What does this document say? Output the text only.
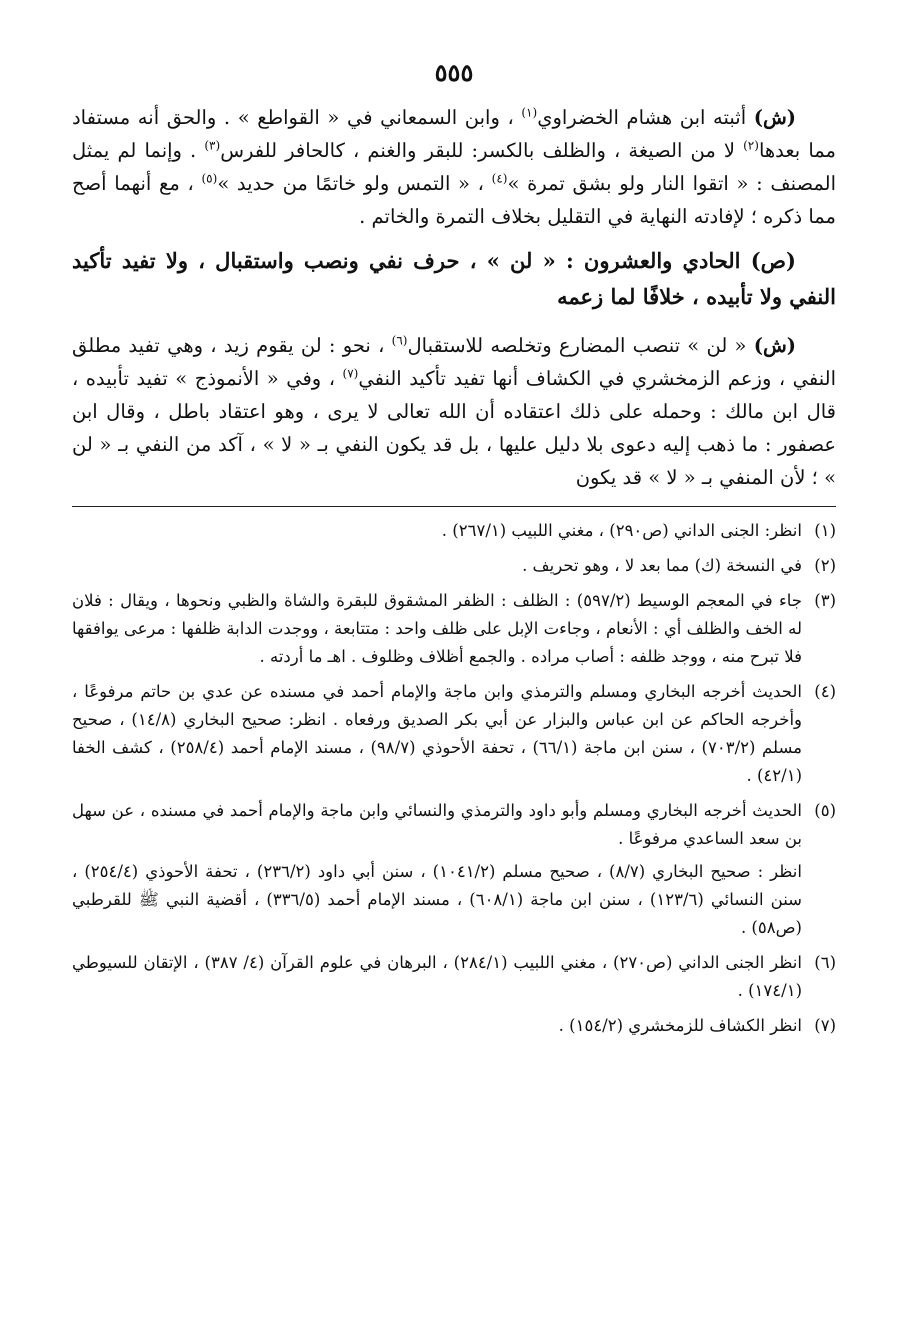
٥٥٥

(ش) أثبته ابن هشام الخضراوي$^{(١)}$ ، وابن السمعاني في « القواطع » . والحق أنه مستفاد مما بعدها$^{(٢)}$ لا من الصيغة ، والظلف بالكسر: للبقر والغنم ، كالحافر للفرس$^{(٣)}$ . وإنما لم يمثل المصنف : « اتقوا النار ولو بشق تمرة »$^{(٤)}$ ، « التمس ولو خاتمًا من حديد »$^{(٥)}$ ، مع أنهما أصح مما ذكره ؛ لإفادته النهاية في التقليل بخلاف التمرة والخاتم .

(ص) الحادي والعشرون : « لن » ، حرف نفي ونصب واستقبال ، ولا تفيد تأكيد النفي ولا تأبيده ، خلافًا لما زعمه

(ش) « لن » تنصب المضارع وتخلصه للاستقبال$^{(٦)}$ ، نحو : لن يقوم زيد ، وهي تفيد مطلق النفي ، وزعم الزمخشري في الكشاف أنها تفيد تأكيد النفي$^{(٧)}$ ، وفي « الأنموذج » تفيد تأبيده ، قال ابن مالك : وحمله على ذلك اعتقاده أن الله تعالى لا يرى ، وهو اعتقاد باطل ، وقال ابن عصفور : ما ذهب إليه دعوى بلا دليل عليها ، بل قد يكون النفي بـ « لا » ، آكد من النفي بـ « لن » ؛ لأن المنفي بـ « لا » قد يكون

(١)
انظر: الجنى الداني (ص٢٩٠) ، مغني اللبيب (٢٦٧/١) .
(٢)
في النسخة (ك) مما بعد لا ، وهو تحريف .
(٣)
جاء في المعجم الوسيط (٥٩٧/٢) : الظلف : الظفر المشقوق للبقرة والشاة والظبي ونحوها ، ويقال : فلان له الخف والظلف أي : الأنعام ، وجاءت الإبل على ظلف واحد : متتابعة ، ووجدت الدابة ظلفها : مرعى يوافقها فلا تبرح منه ، ووجد ظلفه : أصاب مراده . والجمع أظلاف وظلوف . اهـ ما أردته .
(٤)
الحديث أخرجه البخاري ومسلم والترمذي وابن ماجة والإمام أحمد في مسنده عن عدي بن حاتم مرفوعًا ، وأخرجه الحاكم عن ابن عباس والبزار عن أبي بكر الصديق ورفعاه . انظر: صحيح البخاري (١٤/٨) ، صحيح مسلم (٧٠٣/٢) ، سنن ابن ماجة (٦٦/١) ، تحفة الأحوذي (٩٨/٧) ، مسند الإمام أحمد (٢٥٨/٤) ، كشف الخفا (٤٢/١) .
(٥)
الحديث أخرجه البخاري ومسلم وأبو داود والترمذي والنسائي وابن ماجة والإمام أحمد في مسنده ، عن سهل بن سعد الساعدي مرفوعًا .
انظر : صحيح البخاري (٨/٧) ، صحيح مسلم (١٠٤١/٢) ، سنن أبي داود (٢٣٦/٢) ، تحفة الأحوذي (٢٥٤/٤) ، سنن النسائي (١٢٣/٦) ، سنن ابن ماجة (٦٠٨/١) ، مسند الإمام أحمد (٣٣٦/٥) ، أقضية النبي ﷺ للقرطبي (ص٥٨) .
(٦)
انظر الجنى الداني (ص٢٧٠) ، مغني اللبيب (٢٨٤/١) ، البرهان في علوم القرآن (٤/ ٣٨٧) ، الإتقان للسيوطي (١٧٤/١) .
(٧)
انظر الكشاف للزمخشري (١٥٤/٢) .
